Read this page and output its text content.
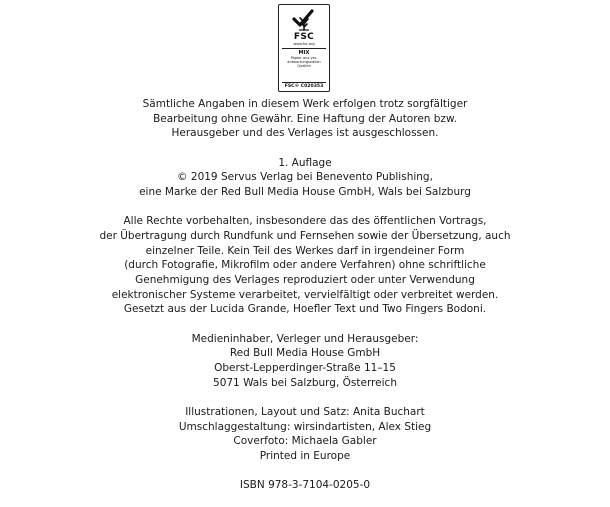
FSC
www.fsc.org
MIX
Papier aus ver-
antwortungsvollen
Quellen
FSC® C020353
Sämtliche Angaben in diesem Werk erfolgen trotz sorgfältiger
Bearbeitung ohne Gewähr. Eine Haftung der Autoren bzw.
Herausgeber und des Verlages ist ausgeschlossen.
1. Auflage
© 2019 Servus Verlag bei Benevento Publishing,
eine Marke der Red Bull Media House GmbH, Wals bei Salzburg
Alle Rechte vorbehalten, insbesondere das des öffentlichen Vortrags,
der Übertragung durch Rundfunk und Fernsehen sowie der Übersetzung, auch
einzelner Teile. Kein Teil des Werkes darf in irgendeiner Form
(durch Fotografie, Mikrofilm oder andere Verfahren) ohne schriftliche
Genehmigung des Verlages reproduziert oder unter Verwendung
elektronischer Systeme verarbeitet, vervielfältigt oder verbreitet werden.
Gesetzt aus der Lucida Grande, Hoefler Text und Two Fingers Bodoni.
Medieninhaber, Verleger und Herausgeber:
Red Bull Media House GmbH
Oberst-Lepperdinger-Straße 11–15
5071 Wals bei Salzburg, Österreich
Illustrationen, Layout und Satz: Anita Buchart
Umschlaggestaltung: wirsindartisten, Alex Stieg
Coverfoto: Michaela Gabler
Printed in Europe
ISBN 978-3-7104-0205-0
